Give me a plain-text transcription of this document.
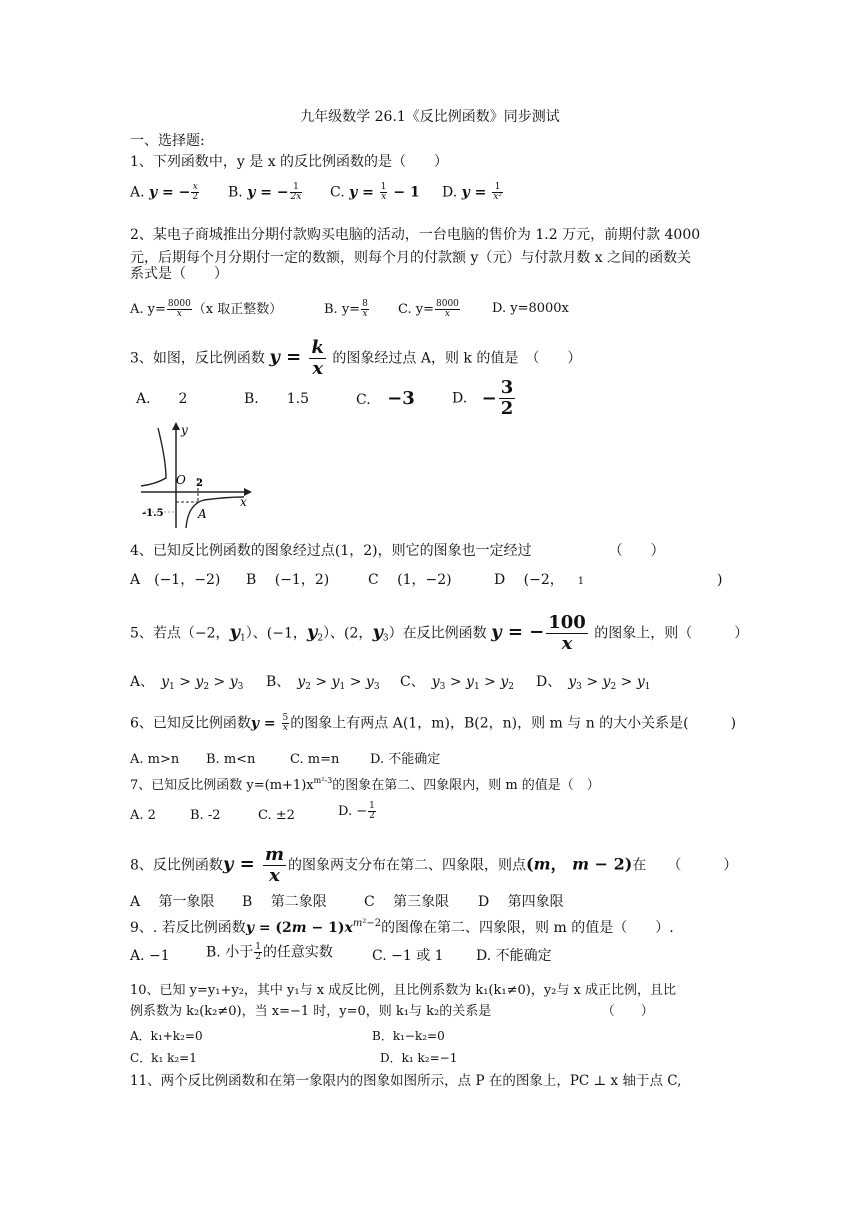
九年级数学 26.1《反比例函数》同步测试
一、选择题:
1、下列函数中，y 是 x 的反比例函数的是（　　）
A. y = − $\frac{x}{2} B$. y = − $\frac{1}{2x} C$. $y = \frac{1}{x} - 1$ D. $y = \frac{1}{\text{x²}}$
2、某电子商城推出分期付款购买电脑的活动，一台电脑的售价为 1.2 万元，前期付款 4000
元，后期每个月分期付一定的数额，则每个月的付款额 y（元）与付款月数 x 之间的函数关
系式是（　　）
A. $y= \frac{8000}{x} (x$ 取正整数）	B. $y= \frac{8}{x} C$. $y= \frac{8000}{x} D$. y=8000x
3、如图，反比例函数 $y = \frac{k}{x}$ 的图象经过点 A，则 k 的值是　（　　）
A.　　2	B.　　1.5	C. −3	D. − $\frac{3}{2}$
y
x
O 2
-1.5	A
4、已知反比例函数的图象经过点(1，2)，则它的图象也一定经过　　　　　　（　　）
A　(−1，−2) B　 (−1，2)	C　 (1，−2)	D　 (−2， 1	)
5、若点（−2，$y_1$）、(−1，$y_2$）、(2，$y_3$）在反比例函数 y = − $\frac{100}{x}$ 的图象上，则（　　　）
A、　 $y_1 > y_2 > y_3$ B、　 $y_2 > y_1 > y_3$ C、　 $y_3 > y_1 > y_2$ D、　 $y_3 > y_2 > y_1$
6、已知反比例函数$y = \frac{5}{x}$ 的图象上有两点 A(1，m)，B(2，n)，则 m 与 n 的大小关系是(　　　)
A. m>n B. m<n	C. m=n D. 不能确定
7、已知反比例函数 $y=(m+1)x^{m^2-3}$的图象在第二、四象限内，则 m 的值是（　）
A. 2	B. -2	C. ±2	D. − $\frac{1}{2}$
8、反比例函数$y = \frac{m}{x}$ 的图象两支分布在第二、四象限，则点(m， m − 2)在　　（　　　）
A　 第一象限 B　 第二象限	C　 第三象限 D　 第四象限
9、. 若反比例函数$y = (2m - 1)x^{m^2-2}$的图像在第二、四象限，则 m 的值是（　　）.
A. −1	B. 小于 $\frac{1}{2}$ 的任意实数	C. −1 或 1 D. 不能确定
10、已知 y=y₁+y₂，其中 y₁与 x 成反比例，且比例系数为 k₁(k₁≠0)，y₂与 x 成正比例，且比
例系数为 k₂(k₂≠0)，当 x=−1 时，y=0，则 k₁与 k₂的关系是　　　　　　　　　（　　）
A．k₁+k₂=0	B．k₁−k₂=0
C．k₁ k₂=1	D．k₁ k₂=−1
11、两个反比例函数和在第一象限内的图象如图所示，点 P 在的图象上，PC ⊥ x 轴于点 C,
